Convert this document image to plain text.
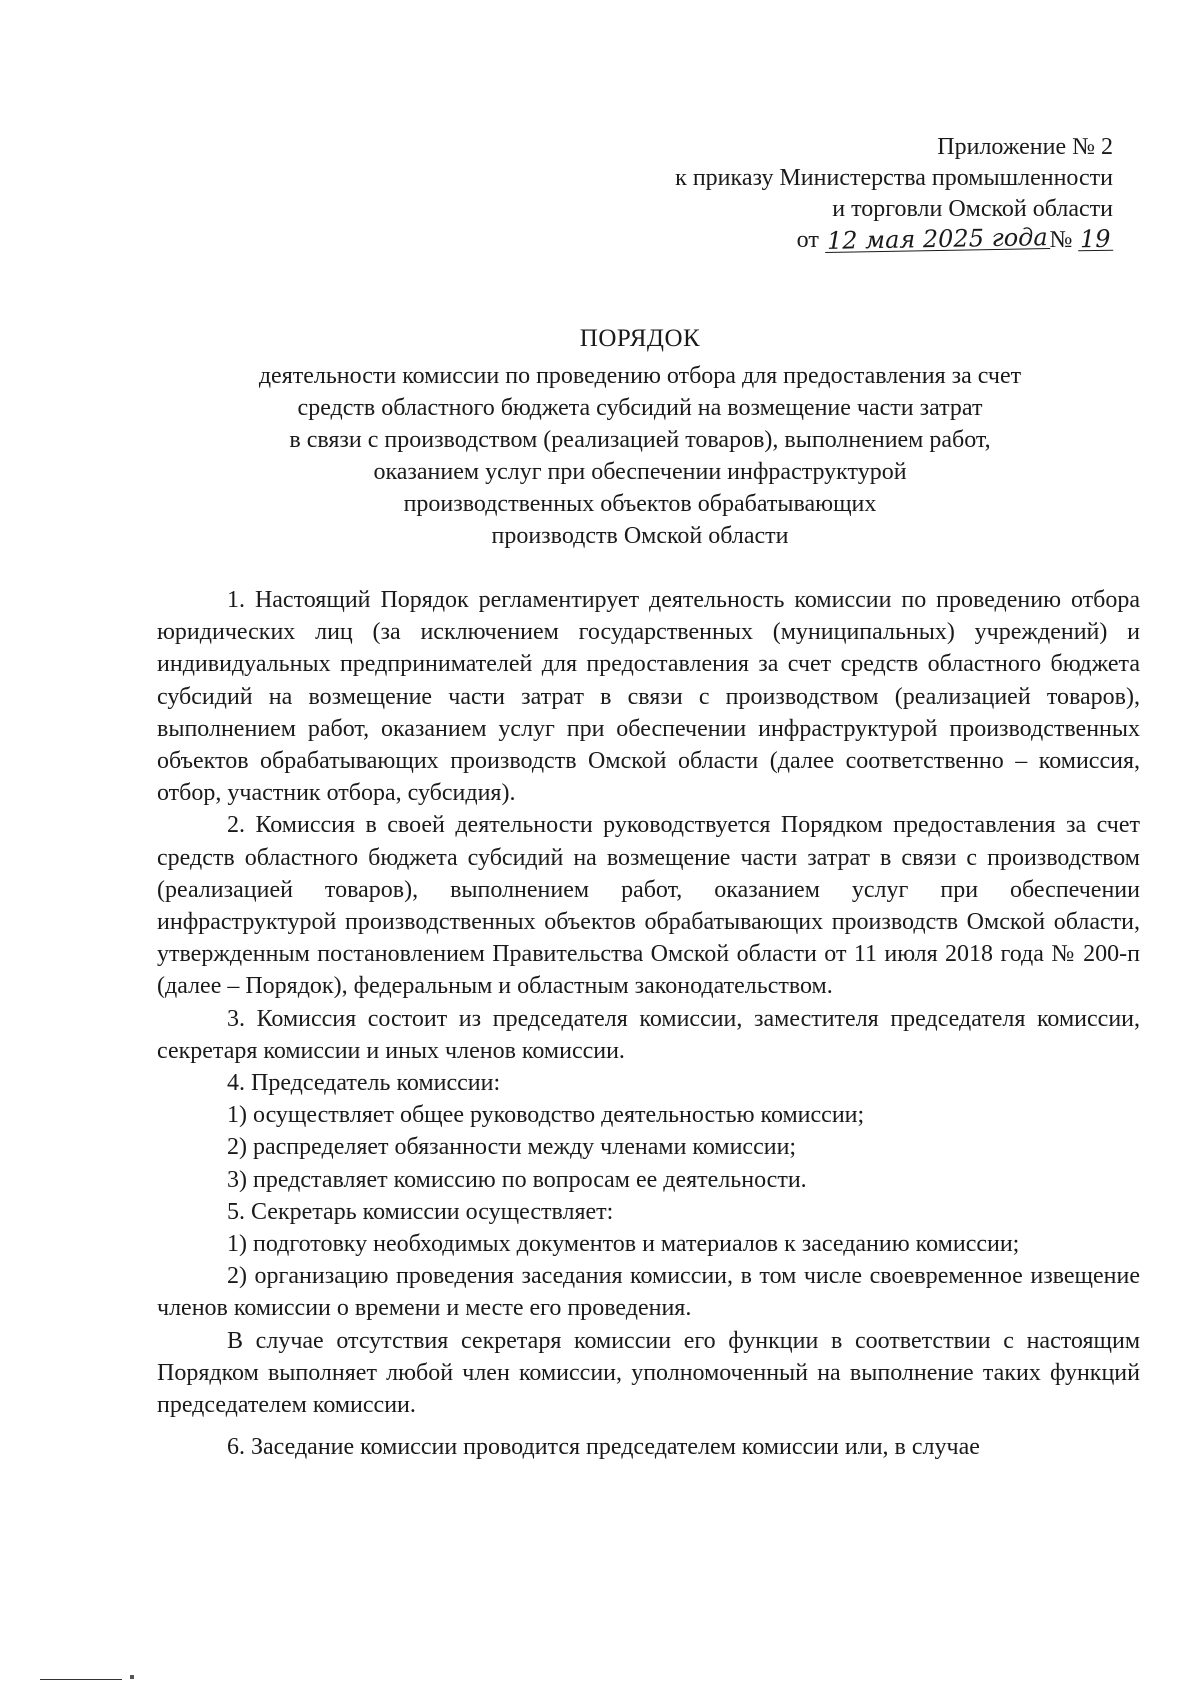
Приложение № 2
к приказу Министерства промышленности
и торговли Омской области
от 12 мая 2025 года№ 19
ПОРЯДОК
деятельности комиссии по проведению отбора для предоставления за счет
средств областного бюджета субсидий на возмещение части затрат
в связи с производством (реализацией товаров), выполнением работ,
оказанием услуг при обеспечении инфраструктурой
производственных объектов обрабатывающих
производств Омской области

1. Настоящий Порядок регламентирует деятельность комиссии по проведению отбора юридических лиц (за исключением государственных (муниципальных) учреждений) и индивидуальных предпринимателей для предоставления за счет средств областного бюджета субсидий на возмещение части затрат в связи с производством (реализацией товаров), выполнением работ, оказанием услуг при обеспечении инфраструктурой производственных объектов обрабатывающих производств Омской области (далее соответственно – комиссия, отбор, участник отбора, субсидия).

2. Комиссия в своей деятельности руководствуется Порядком предоставления за счет средств областного бюджета субсидий на возмещение части затрат в связи с производством (реализацией товаров), выполнением работ, оказанием услуг при обеспечении инфраструктурой производственных объектов обрабатывающих производств Омской области, утвержденным постановлением Правительства Омской области от 11 июля 2018 года № 200-п (далее – Порядок), федеральным и областным законодательством.

3. Комиссия состоит из председателя комиссии, заместителя председателя комиссии, секретаря комиссии и иных членов комиссии.

4. Председатель комиссии:

1) осуществляет общее руководство деятельностью комиссии;

2) распределяет обязанности между членами комиссии;

3) представляет комиссию по вопросам ее деятельности.

5. Секретарь комиссии осуществляет:

1) подготовку необходимых документов и материалов к заседанию комиссии;

2) организацию проведения заседания комиссии, в том числе своевременное извещение членов комиссии о времени и месте его проведения.

В случае отсутствия секретаря комиссии его функции в соответствии с настоящим Порядком выполняет любой член комиссии, уполномоченный на выполнение таких функций председателем комиссии.

6. Заседание комиссии проводится председателем комиссии или, в случае
